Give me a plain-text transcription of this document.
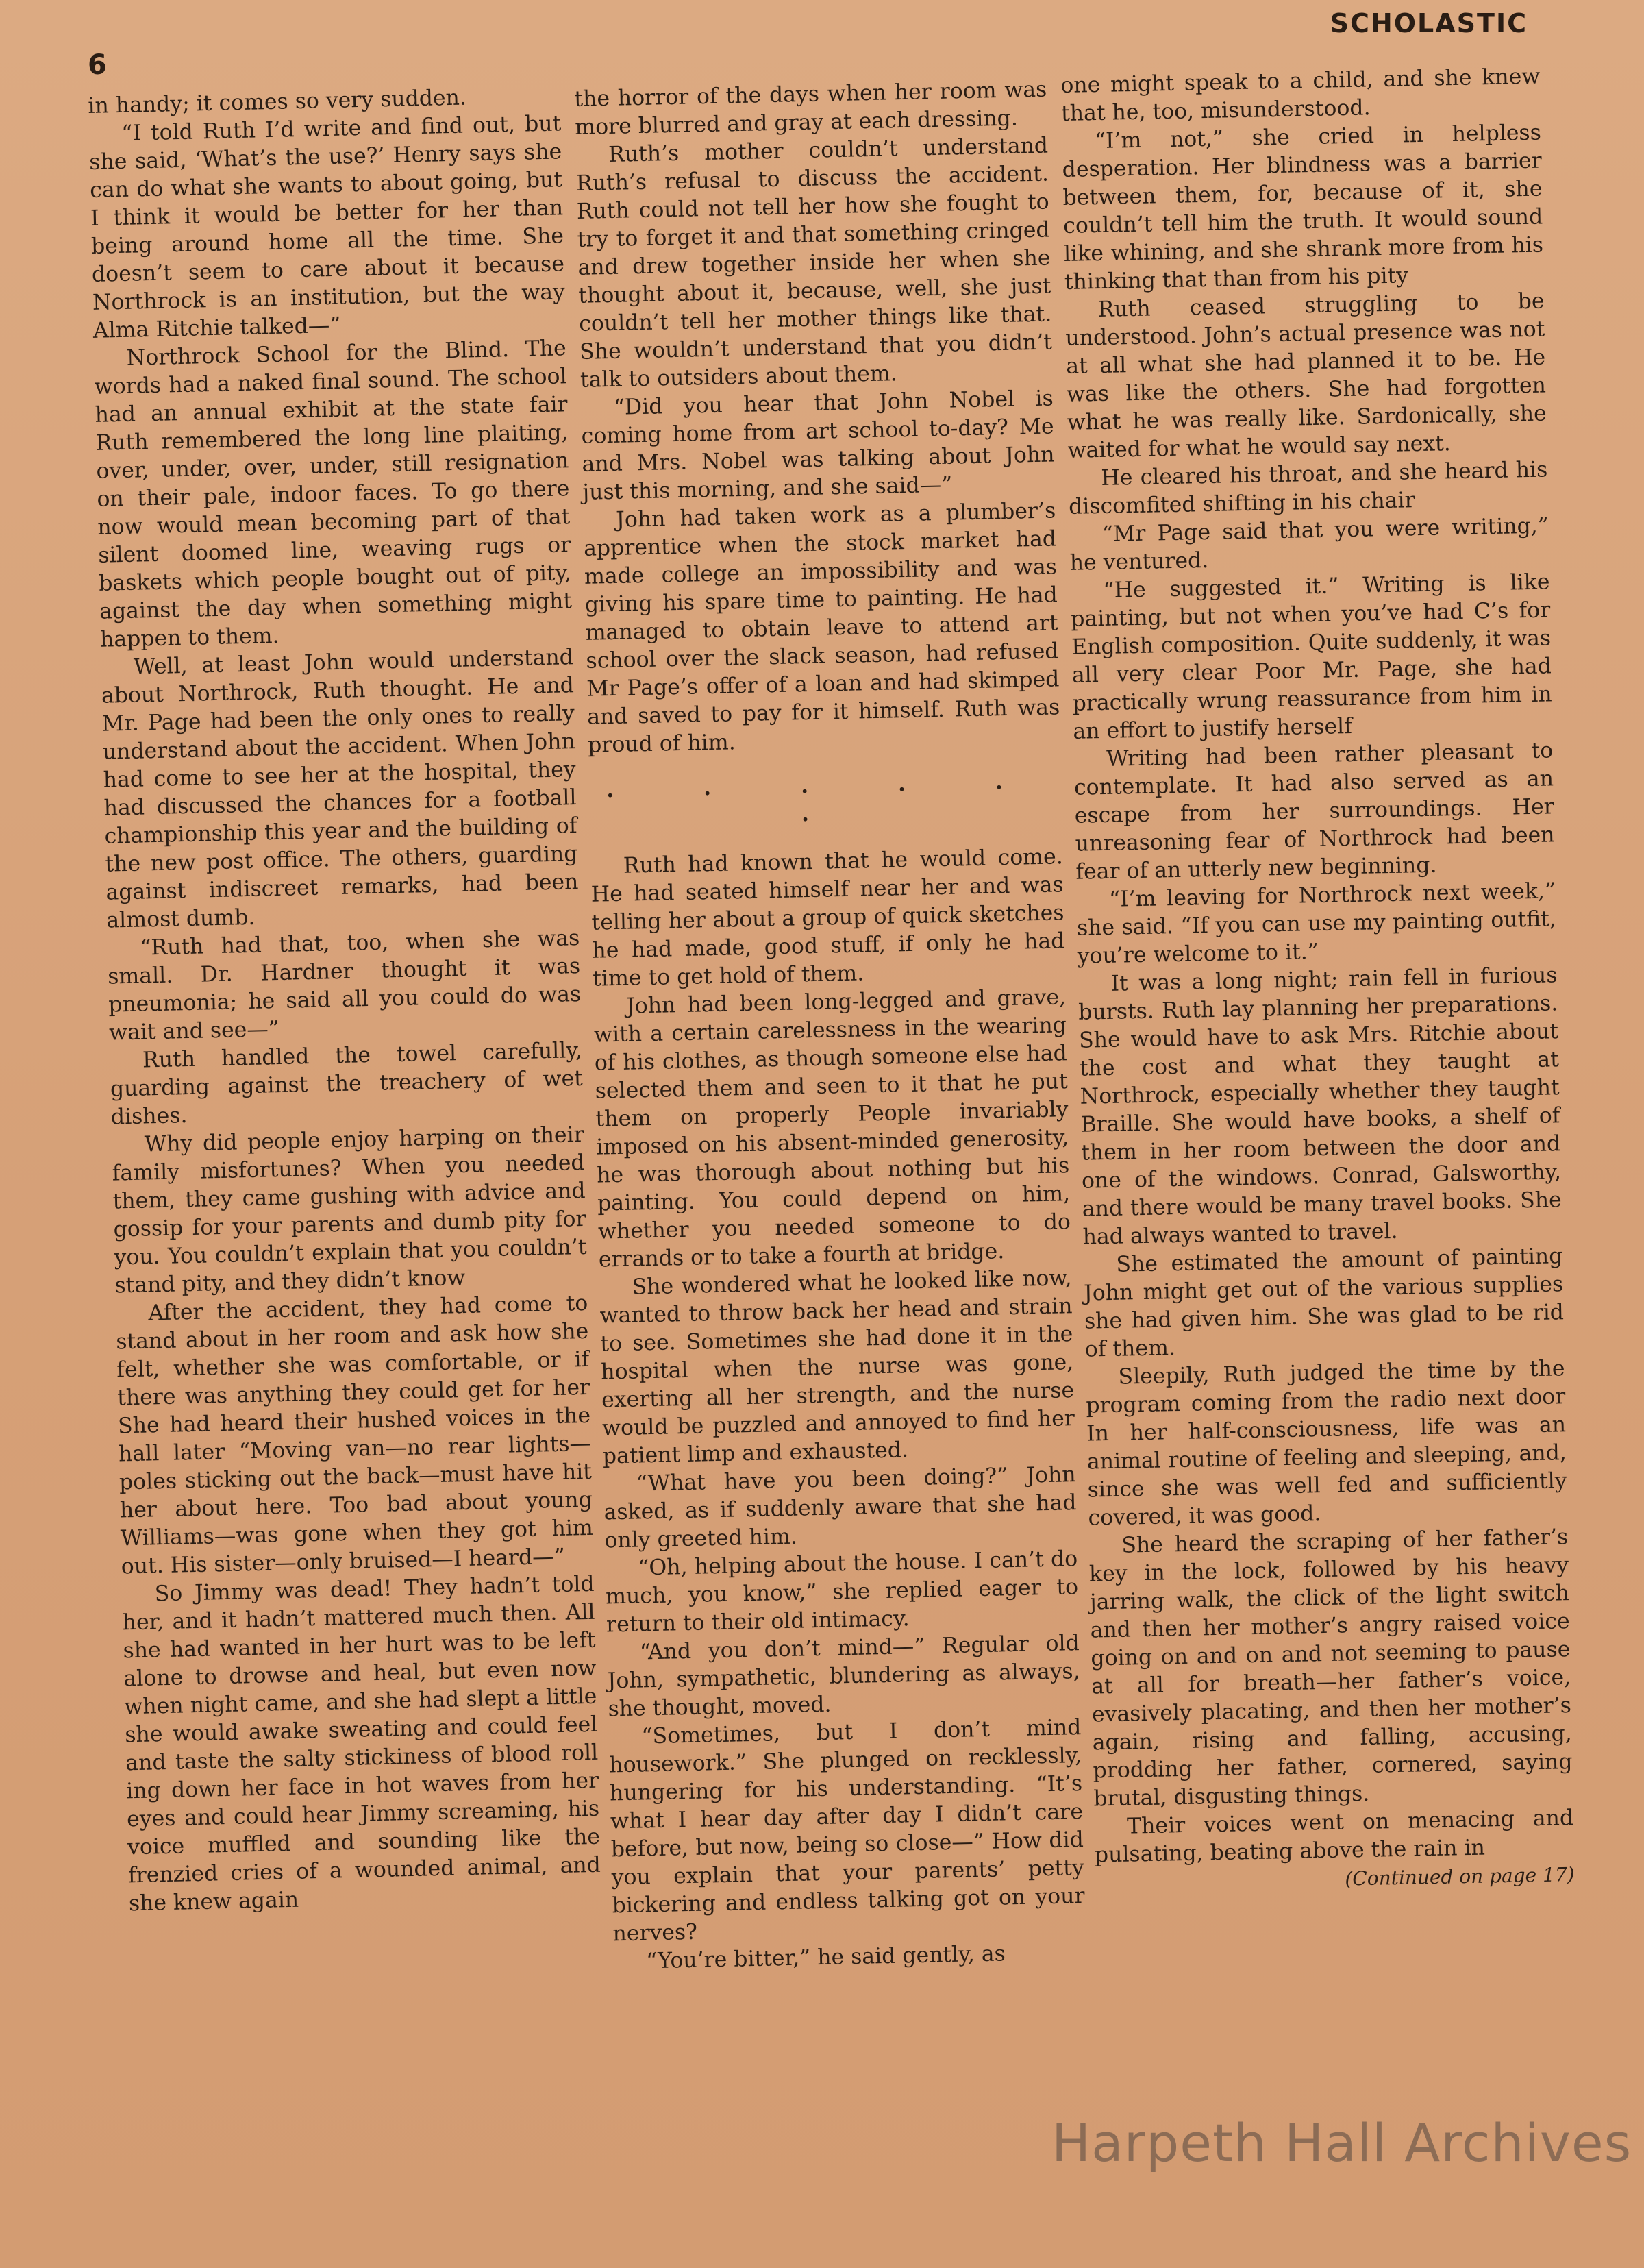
SCHOLASTIC
6

in handy; it comes so very sudden.

“I told Ruth I’d write and find out, but she said, ‘What’s the use?’ Henry says she can do what she wants to about going, but I think it would be better for her than being around home all the time. She doesn’t seem to care about it because Northrock is an institution, but the way Alma Ritchie talked—”

Northrock School for the Blind. The words had a naked final sound. The school had an annual exhibit at the state fair Ruth remembered the long line plaiting, over, under, over, under, still resignation on their pale, indoor faces. To go there now would mean becoming part of that silent doomed line, weaving rugs or baskets which people bought out of pity, against the day when something might happen to them.

Well, at least John would understand about Northrock, Ruth thought. He and Mr. Page had been the only ones to really understand about the accident. When John had come to see her at the hospital, they had discussed the chances for a football championship this year and the building of the new post office. The others, guarding against indiscreet remarks, had been almost dumb.

“Ruth had that, too, when she was small. Dr. Hardner thought it was pneumonia; he said all you could do was wait and see—”

Ruth handled the towel carefully, guarding against the treachery of wet dishes.

Why did people enjoy harping on their family misfortunes? When you needed them, they came gushing with advice and gossip for your parents and dumb pity for you. You couldn’t explain that you couldn’t stand pity, and they didn’t know

After the accident, they had come to stand about in her room and ask how she felt, whether she was comfortable, or if there was anything they could get for her She had heard their hushed voices in the hall later “Moving van—no rear lights—poles sticking out the back—must have hit her about here. Too bad about young Williams—was gone when they got him out. His sister—only bruised—I heard—”

So Jimmy was dead! They hadn’t told her, and it hadn’t mattered much then. All she had wanted in her hurt was to be left alone to drowse and heal, but even now when night came, and she had slept a little she would awake sweating and could feel and taste the salty stickiness of blood roll ing down her face in hot waves from her eyes and could hear Jimmy screaming, his voice muffled and sounding like the frenzied cries of a wounded animal, and she knew again

the horror of the days when her room was more blurred and gray at each dressing.

Ruth’s mother couldn’t understand Ruth’s refusal to discuss the accident. Ruth could not tell her how she fought to try to forget it and that something cringed and drew together inside her when she thought about it, because, well, she just couldn’t tell her mother things like that. She wouldn’t understand that you didn’t talk to outsiders about them.

“Did you hear that John Nobel is coming home from art school to-day? Me and Mrs. Nobel was talking about John just this morning, and she said—”

John had taken work as a plumber’s apprentice when the stock market had made college an impossibility and was giving his spare time to painting. He had managed to obtain leave to attend art school over the slack season, had refused Mr Page’s offer of a loan and had skimped and saved to pay for it himself. Ruth was proud of him.

. . . . . .

Ruth had known that he would come. He had seated himself near her and was telling her about a group of quick sketches he had made, good stuff, if only he had time to get hold of them.

John had been long-legged and grave, with a certain carelessness in the wearing of his clothes, as though someone else had selected them and seen to it that he put them on properly People invariably imposed on his absent-minded generosity, he was thorough about nothing but his painting. You could depend on him, whether you needed someone to do errands or to take a fourth at bridge.

She wondered what he looked like now, wanted to throw back her head and strain to see. Sometimes she had done it in the hospital when the nurse was gone, exerting all her strength, and the nurse would be puzzled and annoyed to find her patient limp and exhausted.

“What have you been doing?” John asked, as if suddenly aware that she had only greeted him.

“Oh, helping about the house. I can’t do much, you know,” she replied eager to return to their old intimacy.

“And you don’t mind—” Regular old John, sympathetic, blundering as always, she thought, moved.

“Sometimes, but I don’t mind housework.” She plunged on recklessly, hungering for his understanding. “It’s what I hear day after day I didn’t care before, but now, being so close—” How did you explain that your parents’ petty bickering and endless talking got on your nerves?

“You’re bitter,” he said gently, as

one might speak to a child, and she knew that he, too, misunderstood.

“I’m not,” she cried in helpless desperation. Her blindness was a barrier between them, for, because of it, she couldn’t tell him the truth. It would sound like whining, and she shrank more from his thinking that than from his pity

Ruth ceased struggling to be understood. John’s actual presence was not at all what she had planned it to be. He was like the others. She had forgotten what he was really like. Sardonically, she waited for what he would say next.

He cleared his throat, and she heard his discomfited shifting in his chair

“Mr Page said that you were writing,” he ventured.

“He suggested it.” Writing is like painting, but not when you’ve had C’s for English composition. Quite suddenly, it was all very clear Poor Mr. Page, she had practically wrung reassurance from him in an effort to justify herself

Writing had been rather pleasant to contemplate. It had also served as an escape from her surroundings. Her unreasoning fear of Northrock had been fear of an utterly new beginning.

“I’m leaving for Northrock next week,” she said. “If you can use my painting outfit, you’re welcome to it.”

It was a long night; rain fell in furious bursts. Ruth lay planning her preparations. She would have to ask Mrs. Ritchie about the cost and what they taught at Northrock, especially whether they taught Braille. She would have books, a shelf of them in her room between the door and one of the windows. Conrad, Galsworthy, and there would be many travel books. She had always wanted to travel.

She estimated the amount of painting John might get out of the various supplies she had given him. She was glad to be rid of them.

Sleepily, Ruth judged the time by the program coming from the radio next door In her half-consciousness, life was an animal routine of feeling and sleeping, and, since she was well fed and sufficiently covered, it was good.

She heard the scraping of her father’s key in the lock, followed by his heavy jarring walk, the click of the light switch and then her mother’s angry raised voice going on and on and not seeming to pause at all for breath—her father’s voice, evasively placating, and then her mother’s again, rising and falling, accusing, prodding her father, cornered, saying brutal, disgusting things.

Their voices went on menacing and pulsating, beating above the rain in

(Continued on page 17)

Harpeth Hall Archives
